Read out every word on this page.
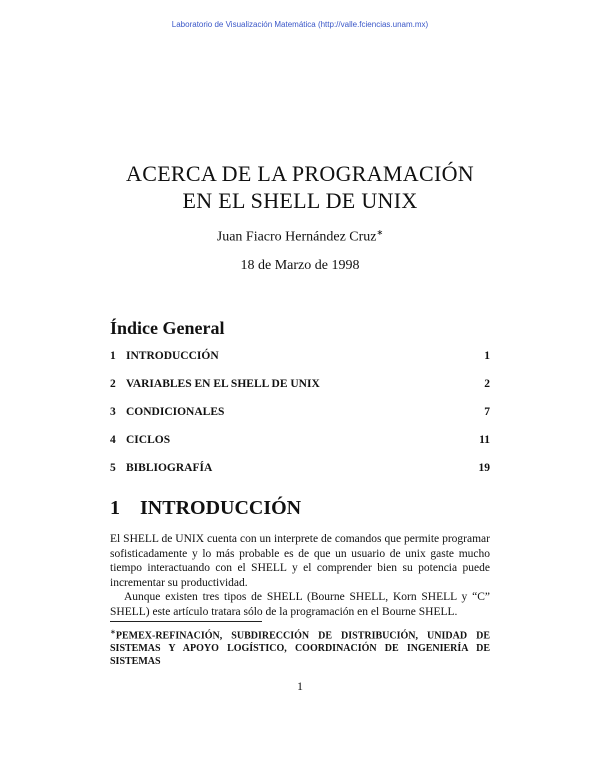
Laboratorio de Visualización Matemática (http://valle.fciencias.unam.mx)
ACERCA DE LA PROGRAMACIÓN
EN EL SHELL DE UNIX
Juan Fiacro Hernández Cruz∗
18 de Marzo de 1998
Índice General
1 INTRODUCCIÓN	1
2 VARIABLES EN EL SHELL DE UNIX	2
3 CONDICIONALES	7
4 CICLOS	11
5 BIBLIOGRAFÍA	19
1 INTRODUCCIÓN

El SHELL de UNIX cuenta con un interprete de comandos que permite programar sofisticadamente y lo más probable es de que un usuario de unix gaste mucho tiempo interactuando con el SHELL y el comprender bien su potencia puede incrementar su productividad.

Aunque existen tres tipos de SHELL (Bourne SHELL, Korn SHELL y “C” SHELL) este artículo tratara sólo de la programación en el Bourne SHELL.

∗PEMEX-REFINACIÓN, SUBDIRECCIÓN DE DISTRIBUCIÓN, UNIDAD DE SISTEMAS Y APOYO LOGÍSTICO, COORDINACIÓN DE INGENIERÍA DE SISTEMAS
1
